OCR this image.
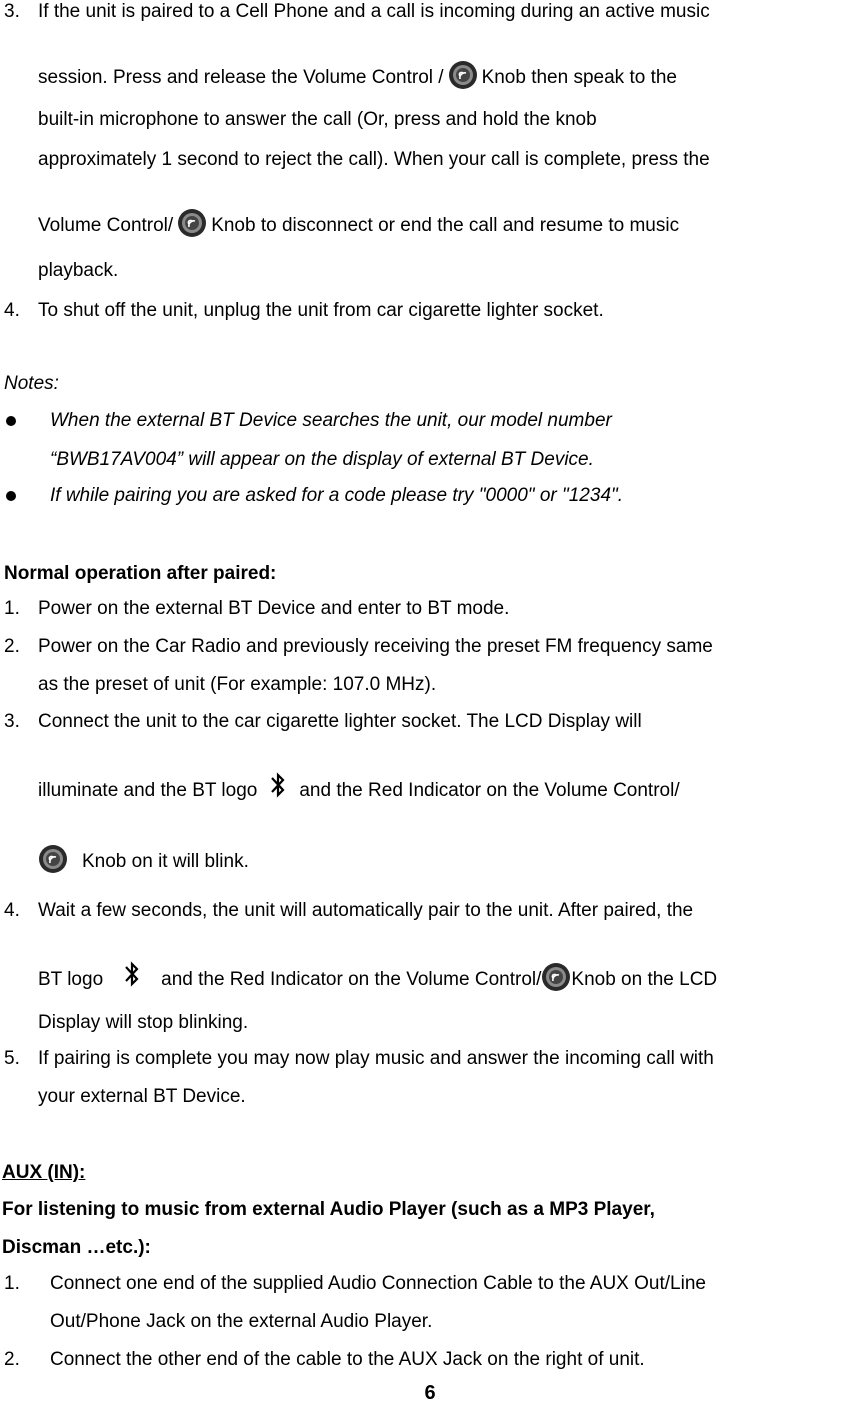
3. If the unit is paired to a Cell Phone and a call is incoming during an active music
session. Press and release the Volume Control / Knob then speak to the
built-in microphone to answer the call (Or, press and hold the knob
approximately 1 second to reject the call). When your call is complete, press the
Volume Control/ Knob to disconnect or end the call and resume to music
playback.
4. To shut off the unit, unplug the unit from car cigarette lighter socket.
Notes:
When the external BT Device searches the unit, our model number
“BWB17AV004” will appear on the display of external BT Device.
If while pairing you are asked for a code please try "0000" or "1234".
Normal operation after paired:
1. Power on the external BT Device and enter to BT mode.
2. Power on the Car Radio and previously receiving the preset FM frequency same
as the preset of unit (For example: 107.0 MHz).
3. Connect the unit to the car cigarette lighter socket. The LCD Display will
illuminate and the BT logo and the Red Indicator on the Volume Control/
Knob on it will blink.
4. Wait a few seconds, the unit will automatically pair to the unit. After paired, the
BT logo	and the Red Indicator on the Volume Control/ Knob on the LCD
Display will stop blinking.
5. If pairing is complete you may now play music and answer the incoming call with
your external BT Device.
AUX (IN):
For listening to music from external Audio Player (such as a MP3 Player,
Discman …etc.):
1. Connect one end of the supplied Audio Connection Cable to the AUX Out/Line
Out/Phone Jack on the external Audio Player.
2. Connect the other end of the cable to the AUX Jack on the right of unit.
6
